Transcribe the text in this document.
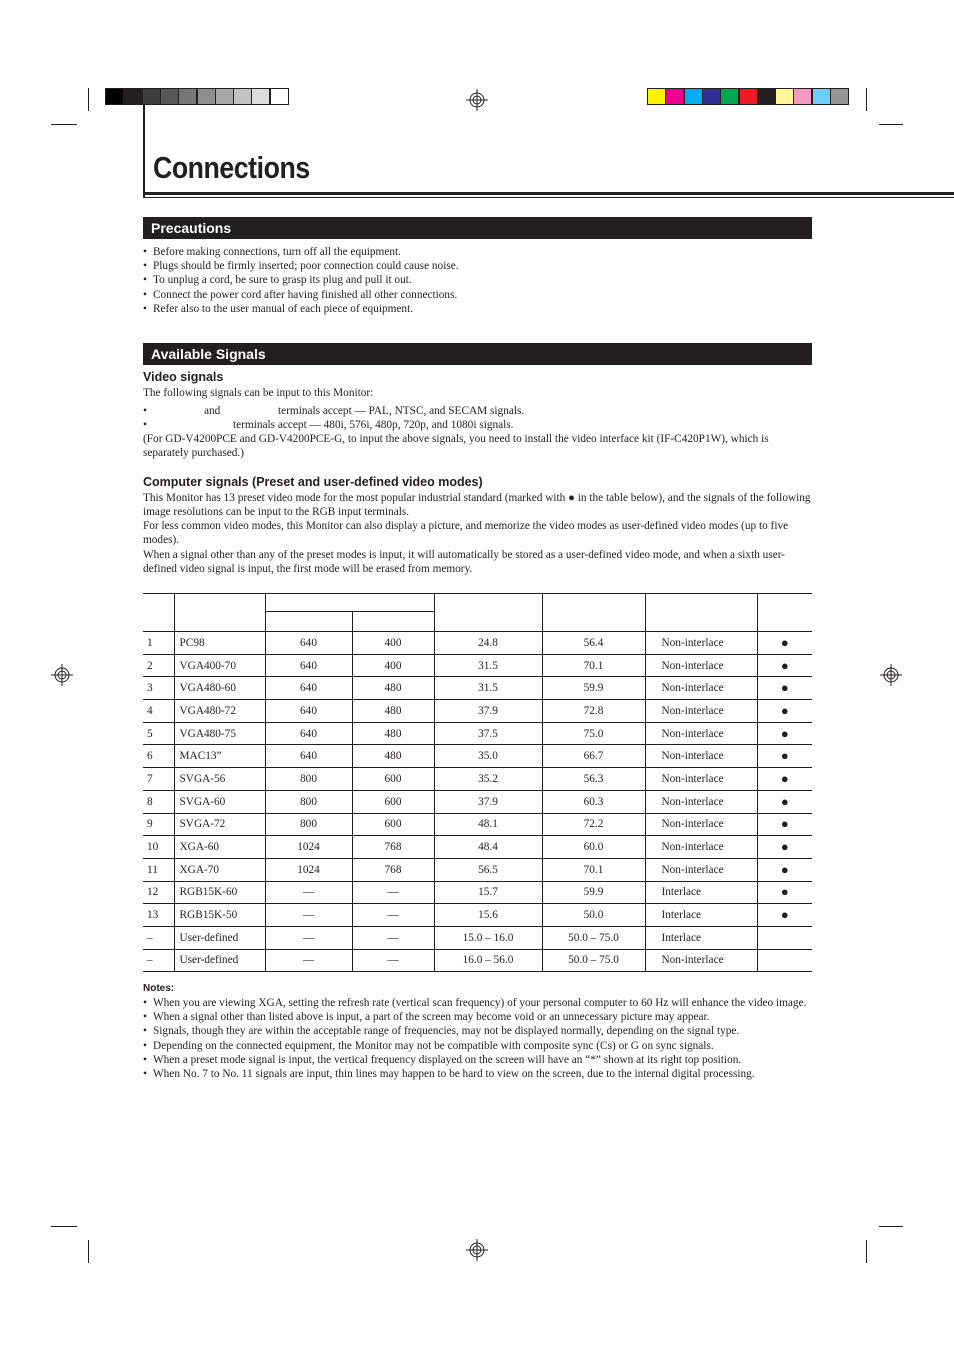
Connections
Precautions
• Before making connections, turn off all the equipment.
• Plugs should be firmly inserted; poor connection could cause noise.
• To unplug a cord, be sure to grasp its plug and pull it out.
• Connect the power cord after having finished all other connections.
• Refer also to the user manual of each piece of equipment.
Available Signals
Video signals
The following signals can be input to this Monitor:
•	and	terminals accept — PAL, NTSC, and SECAM signals.
•	terminals accept — 480i, 576i, 480p, 720p, and 1080i signals.
(For GD-V4200PCE and GD-V4200PCE-G, to input the above signals, you need to install the video interface kit (IF-C420P1W), which is separately purchased.)
Computer signals (Preset and user-defined video modes)
This Monitor has 13 preset video mode for the most popular industrial standard (marked with ● in the table below), and the signals of the following image resolutions can be input to the RGB input terminals.
For less common video modes, this Monitor can also display a picture, and memorize the video modes as user-defined video modes (up to five modes).
When a signal other than any of the preset modes is input, it will automatically be stored as a user-defined video mode, and when a sixth user-defined video signal is input, the first mode will be erased from memory.

1	PC98	640	400	24.8	56.4	Non-interlace	●
2	VGA400-70	640	400	31.5	70.1	Non-interlace	●
3	VGA480-60	640	480	31.5	59.9	Non-interlace	●
4	VGA480-72	640	480	37.9	72.8	Non-interlace	●
5	VGA480-75	640	480	37.5	75.0	Non-interlace	●
6	MAC13”	640	480	35.0	66.7	Non-interlace	●
7	SVGA-56	800	600	35.2	56.3	Non-interlace	●
8	SVGA-60	800	600	37.9	60.3	Non-interlace	●
9	SVGA-72	800	600	48.1	72.2	Non-interlace	●
10	XGA-60	1024	768	48.4	60.0	Non-interlace	●
11	XGA-70	1024	768	56.5	70.1	Non-interlace	●
12	RGB15K-60	—	—	15.7	59.9	Interlace	●
13	RGB15K-50	—	—	15.6	50.0	Interlace	●
–	User-defined	—	—	15.0 – 16.0	50.0 – 75.0	Interlace	
–	User-defined	—	—	16.0 – 56.0	50.0 – 75.0	Non-interlace	
Notes:
• When you are viewing XGA, setting the refresh rate (vertical scan frequency) of your personal computer to 60 Hz will enhance the video image.
• When a signal other than listed above is input, a part of the screen may become void or an unnecessary picture may appear.
• Signals, though they are within the acceptable range of frequencies, may not be displayed normally, depending on the signal type.
• Depending on the connected equipment, the Monitor may not be compatible with composite sync (Cs) or G on sync signals.
• When a preset mode signal is input, the vertical frequency displayed on the screen will have an “*” shown at its right top position.
• When No. 7 to No. 11 signals are input, thin lines may happen to be hard to view on the screen, due to the internal digital processing.
